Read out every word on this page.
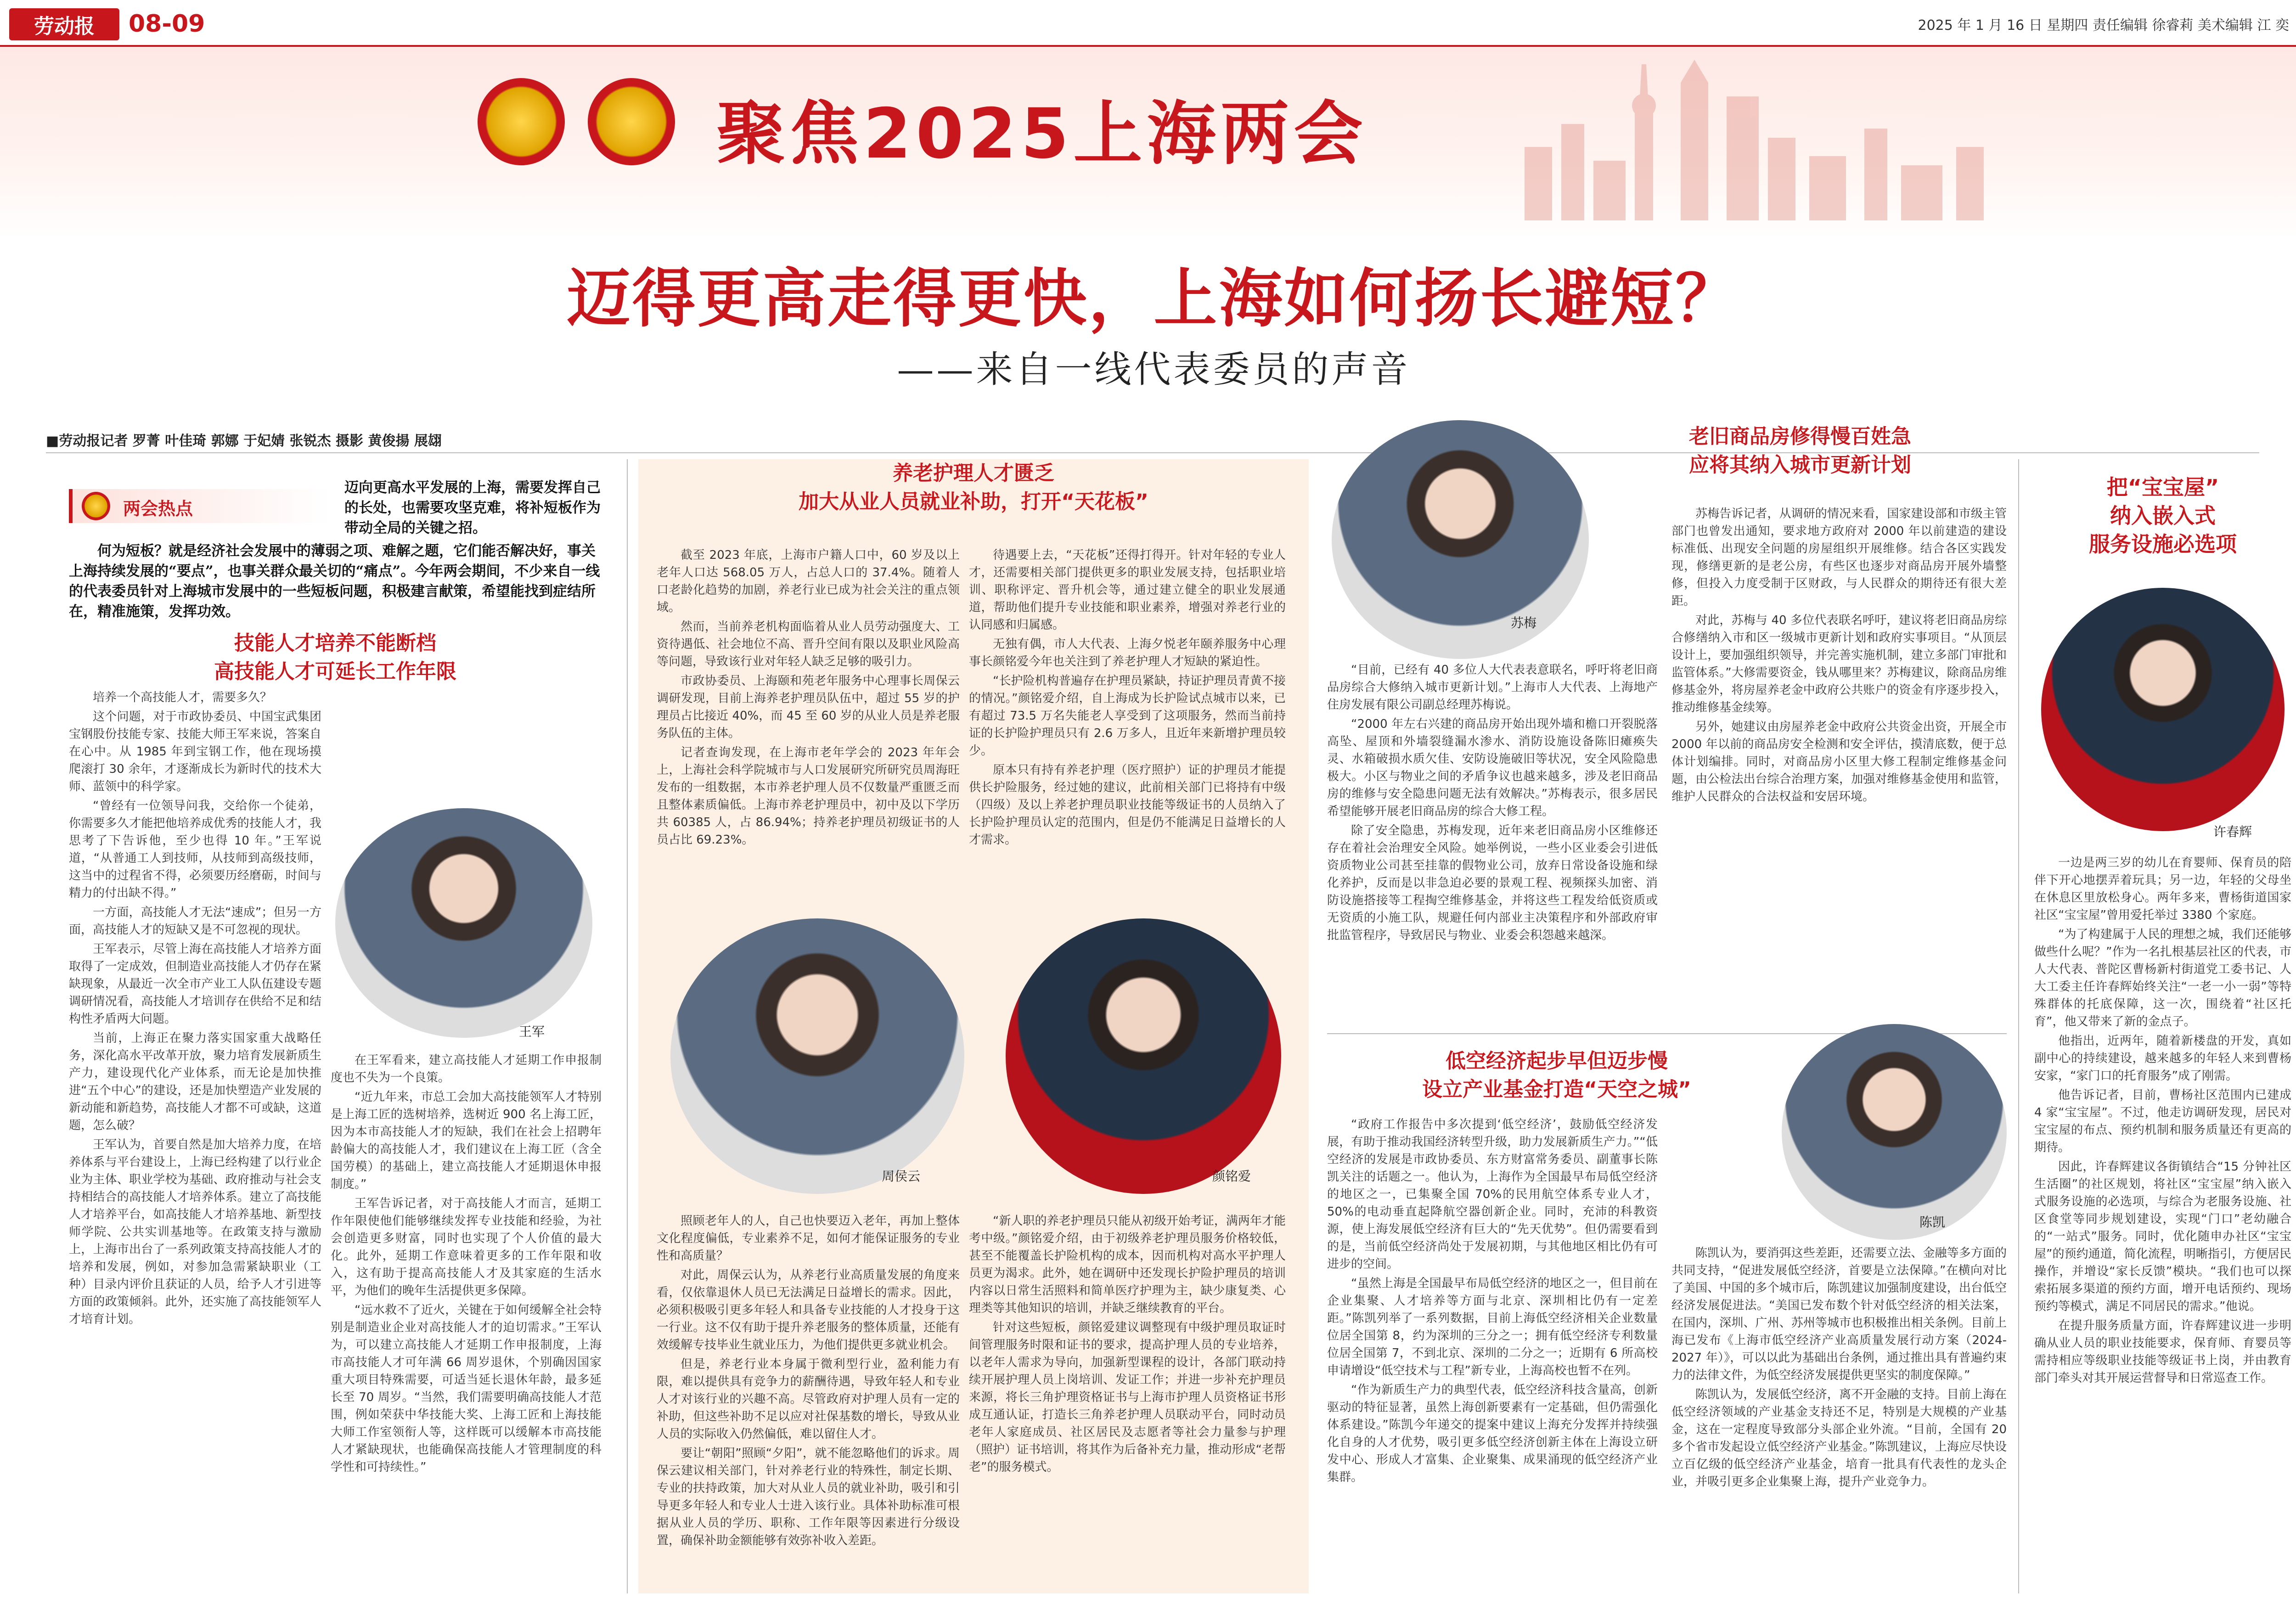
劳动报	08-09	2025 年 1 月 16 日 星期四 责任编辑 徐睿莉 美术编辑 江 奕
聚焦2025上海两会
迈得更高走得更快，上海如何扬长避短？
——来自一线代表委员的声音
■劳动报记者 罗菁 叶佳琦 郭娜 于妃婧 张锐杰 摄影 黄俊揚 展翃
两会热点

迈向更高水平发展的上海，需要发挥自己的长处，也需要攻坚克难，将补短板作为带动全局的关键之招。

何为短板？就是经济社会发展中的薄弱之项、难解之题，它们能否解决好，事关上海持续发展的“要点”，也事关群众最关切的“痛点”。今年两会期间，不少来自一线的代表委员针对上海城市发展中的一些短板问题，积极建言献策，希望能找到症结所在，精准施策，发挥功效。

技能人才培养不能断档
高技能人才可延长工作年限
王军

培养一个高技能人才，需要多久？

这个问题，对于市政协委员、中国宝武集团宝钢股份技能专家、技能大师王军来说，答案自在心中。从 1985 年到宝钢工作，他在现场摸爬滚打 30 余年，才逐渐成长为新时代的技术大师、蓝领中的科学家。

“曾经有一位领导问我，交给你一个徒弟，你需要多久才能把他培养成优秀的技能人才，我思考了下告诉他，至少也得 10 年。”王军说道，“从普通工人到技师，从技师到高级技师，这当中的过程省不得，必须要历经磨砺，时间与精力的付出缺不得。”

一方面，高技能人才无法“速成”；但另一方面，高技能人才的短缺又是不可忽视的现状。

王军表示，尽管上海在高技能人才培养方面取得了一定成效，但制造业高技能人才仍存在紧缺现象，从最近一次全市产业工人队伍建设专题调研情况看，高技能人才培训存在供给不足和结构性矛盾两大问题。

当前，上海正在聚力落实国家重大战略任务，深化高水平改革开放，聚力培育发展新质生产力，建设现代化产业体系，而无论是加快推进“五个中心”的建设，还是加快塑造产业发展的新动能和新趋势，高技能人才都不可或缺，这道题，怎么破？

王军认为，首要自然是加大培养力度，在培养体系与平台建设上，上海已经构建了以行业企业为主体、职业学校为基础、政府推动与社会支持相结合的高技能人才培养体系。建立了高技能人才培养平台，如高技能人才培养基地、新型技师学院、公共实训基地等。在政策支持与激励上，上海市出台了一系列政策支持高技能人才的培养和发展，例如，对参加急需紧缺职业（工种）目录内评价且获证的人员，给予人才引进等方面的政策倾斜。此外，还实施了高技能领军人才培育计划。

在王军看来，建立高技能人才延期工作申报制度也不失为一个良策。

“近九年来，市总工会加大高技能领军人才特别是上海工匠的选树培养，选树近 900 名上海工匠，因为本市高技能人才的短缺，我们在社会上招聘年龄偏大的高技能人才，我们建议在上海工匠（含全国劳模）的基础上，建立高技能人才延期退休申报制度。”

王军告诉记者，对于高技能人才而言，延期工作年限使他们能够继续发挥专业技能和经验，为社会创造更多财富，同时也实现了个人价值的最大化。此外，延期工作意味着更多的工作年限和收入，这有助于提高高技能人才及其家庭的生活水平，为他们的晚年生活提供更多保障。

“远水救不了近火，关键在于如何缓解全社会特别是制造业企业对高技能人才的迫切需求。”王军认为，可以建立高技能人才延期工作申报制度，上海市高技能人才可年满 66 周岁退休，个别确因国家重大项目特殊需要，可适当延长退休年龄，最多延长至 70 周岁。“当然，我们需要明确高技能人才范围，例如荣获中华技能大奖、上海工匠和上海技能大师工作室领衔人等，这样既可以缓解本市高技能人才紧缺现状，也能确保高技能人才管理制度的科学性和可持续性。”

养老护理人才匮乏
加大从业人员就业补助，打开“天花板”

截至 2023 年底，上海市户籍人口中，60 岁及以上老年人口达 568.05 万人，占总人口的 37.4%。随着人口老龄化趋势的加剧，养老行业已成为社会关注的重点领域。

然而，当前养老机构面临着从业人员劳动强度大、工资待遇低、社会地位不高、晋升空间有限以及职业风险高等问题，导致该行业对年轻人缺乏足够的吸引力。

市政协委员、上海颐和苑老年服务中心理事长周保云调研发现，目前上海养老护理员队伍中，超过 55 岁的护理员占比接近 40%，而 45 至 60 岁的从业人员是养老服务队伍的主体。

记者查询发现，在上海市老年学会的 2023 年年会上，上海社会科学院城市与人口发展研究所研究员周海旺发布的一组数据，本市养老护理人员不仅数量严重匮乏而且整体素质偏低。上海市养老护理员中，初中及以下学历共 60385 人，占 86.94%；持养老护理员初级证书的人员占比 69.23%。

待遇要上去，“天花板”还得打得开。针对年轻的专业人才，还需要相关部门提供更多的职业发展支持，包括职业培训、职称评定、晋升机会等，通过建立健全的职业发展通道，帮助他们提升专业技能和职业素养，增强对养老行业的认同感和归属感。

无独有偶，市人大代表、上海夕悦老年颐养服务中心理事长颜铭爱今年也关注到了养老护理人才短缺的紧迫性。

“长护险机构普遍存在护理员紧缺，持证护理员青黄不接的情况。”颜铭爱介绍，自上海成为长护险试点城市以来，已有超过 73.5 万名失能老人享受到了这项服务，然而当前持证的长护险护理员只有 2.6 万多人，且近年来新增护理员较少。

原本只有持有养老护理（医疗照护）证的护理员才能提供长护险服务，经过她的建议，此前相关部门已将持有中级（四级）及以上养老护理员职业技能等级证书的人员纳入了长护险护理员认定的范围内，但是仍不能满足日益增长的人才需求。

周侯云	颜铭爱

照顾老年人的人，自己也快要迈入老年，再加上整体文化程度偏低，专业素养不足，如何才能保证服务的专业性和高质量？

对此，周保云认为，从养老行业高质量发展的角度来看，仅依靠退休人员已无法满足日益增长的需求。因此，必须积极吸引更多年轻人和具备专业技能的人才投身于这一行业。这不仅有助于提升养老服务的整体质量，还能有效缓解专技毕业生就业压力，为他们提供更多就业机会。

但是，养老行业本身属于微利型行业，盈利能力有限，难以提供具有竞争力的薪酬待遇，导致年轻人和专业人才对该行业的兴趣不高。尽管政府对护理人员有一定的补助，但这些补助不足以应对社保基数的增长，导致从业人员的实际收入仍然偏低，难以留住人才。

要让“朝阳”照顾“夕阳”，就不能忽略他们的诉求。周保云建议相关部门，针对养老行业的特殊性，制定长期、专业的扶持政策，加大对从业人员的就业补助，吸引和引导更多年轻人和专业人士进入该行业。具体补助标准可根据从业人员的学历、职称、工作年限等因素进行分级设置，确保补助金额能够有效弥补收入差距。

“新人职的养老护理员只能从初级开始考证，满两年才能考中级。”颜铭爱介绍，由于初级养老护理员服务价格较低，甚至不能覆盖长护险机构的成本，因而机构对高水平护理人员更为渴求。此外，她在调研中还发现长护险护理员的培训内容以日常生活照料和简单医疗护理为主，缺少康复类、心理类等其他知识的培训，并缺乏继续教育的平台。

针对这些短板，颜铭爱建议调整现有中级护理员取证时间管理服务时限和证书的要求，提高护理人员的专业培养，以老年人需求为导向，加强新型课程的设计，各部门联动持续开展护理人员上岗培训、发证工作；并进一步补充护理员来源，将长三角护理资格证书与上海市护理人员资格证书形成互通认证，打造长三角养老护理人员联动平台，同时动员老年人家庭成员、社区居民及志愿者等社会力量参与护理（照护）证书培训，将其作为后备补充力量，推动形成“老帮老”的服务模式。

苏梅
老旧商品房修得慢百姓急
应将其纳入城市更新计划

“目前，已经有 40 多位人大代表表意联名，呼吁将老旧商品房综合大修纳入城市更新计划。”上海市人大代表、上海地产住房发展有限公司副总经理苏梅说。

“2000 年左右兴建的商品房开始出现外墙和檐口开裂脱落高坠、屋顶和外墙裂缝漏水渗水、消防设施设备陈旧瘫痪失灵、水箱破损水质欠佳、安防设施破旧等状况，安全风险隐患极大。小区与物业之间的矛盾争议也越来越多，涉及老旧商品房的维修与安全隐患问题无法有效解决。”苏梅表示，很多居民希望能够开展老旧商品房的综合大修工程。

除了安全隐患，苏梅发现，近年来老旧商品房小区维修还存在着社会治理安全风险。她举例说，一些小区业委会引进低资质物业公司甚至挂靠的假物业公司，放弃日常设备设施和绿化养护，反而是以非急迫必要的景观工程、视频探头加密、消防设施搭接等工程掏空维修基金，并将这些工程发给低资质或无资质的小施工队，规避任何内部业主决策程序和外部政府审批监管程序，导致居民与物业、业委会积怨越来越深。

苏梅告诉记者，从调研的情况来看，国家建设部和市级主管部门也曾发出通知，要求地方政府对 2000 年以前建造的建设标准低、出现安全问题的房屋组织开展维修。结合各区实践发现，修缮更新的是老公房，有些区也逐步对商品房开展外墙整修，但投入力度受制于区财政，与人民群众的期待还有很大差距。

对此，苏梅与 40 多位代表联名呼吁，建议将老旧商品房综合修缮纳入市和区一级城市更新计划和政府实事项目。“从顶层设计上，要加强组织领导，并完善实施机制，建立多部门审批和监管体系。”大修需要资金，钱从哪里来？苏梅建议，除商品房维修基金外，将房屋养老金中政府公共账户的资金有序逐步投入，推动维修基金续筹。

另外，她建议由房屋养老金中政府公共资金出资，开展全市 2000 年以前的商品房安全检测和安全评估，摸清底数，便于总体计划编排。同时，对商品房小区里大修工程制定维修基金问题，由公检法出台综合治理方案，加强对维修基金使用和监管，维护人民群众的合法权益和安居环境。

低空经济起步早但迈步慢
设立产业基金打造“天空之城”
陈凯

“政府工作报告中多次提到‘低空经济’，鼓励低空经济发展，有助于推动我国经济转型升级，助力发展新质生产力。”“低空经济的发展是市政协委员、东方财富常务委员、副董事长陈凯关注的话题之一。他认为，上海作为全国最早布局低空经济的地区之一，已集聚全国 70%的民用航空体系专业人才，50%的电动垂直起降航空器创新企业。同时，充沛的科教资源，使上海发展低空经济有巨大的“先天优势”。但仍需要看到的是，当前低空经济尚处于发展初期，与其他地区相比仍有可进步的空间。

“虽然上海是全国最早布局低空经济的地区之一，但目前在企业集聚、人才培养等方面与北京、深圳相比仍有一定差距。”陈凯列举了一系列数据，目前上海低空经济相关企业数量位居全国第 8，约为深圳的三分之一；拥有低空经济专利数量位居全国第 7，不到北京、深圳的二分之一；近期有 6 所高校申请增设“低空技术与工程”新专业，上海高校也暂不在列。

“作为新质生产力的典型代表，低空经济科技含量高，创新驱动的特征显著，虽然上海创新要素有一定基础，但仍需强化体系建设。”陈凯今年递交的提案中建议上海充分发挥并持续强化自身的人才优势，吸引更多低空经济创新主体在上海设立研发中心、形成人才富集、企业聚集、成果涌现的低空经济产业集群。

陈凯认为，要消弭这些差距，还需要立法、金融等多方面的共同支持，“促进发展低空经济，首要是立法保障。”在横向对比了美国、中国的多个城市后，陈凯建议加强制度建设，出台低空经济发展促进法。“美国已发布数个针对低空经济的相关法案，在国内，深圳、广州、苏州等城市也积极推出相关条例。目前上海已发布《上海市低空经济产业高质量发展行动方案（2024-2027 年）》，可以以此为基础出台条例，通过推出具有普遍约束力的法律文件，为低空经济发展提供更坚实的制度保障。”

陈凯认为，发展低空经济，离不开金融的支持。目前上海在低空经济领域的产业基金支持还不足，特别是大规模的产业基金，这在一定程度导致部分头部企业外流。“目前，全国有 20 多个省市发起设立低空经济产业基金。”陈凯建议，上海应尽快设立百亿级的低空经济产业基金，培育一批具有代表性的龙头企业，并吸引更多企业集聚上海，提升产业竞争力。

把“宝宝屋”
纳入嵌入式
服务设施必选项
许春辉

一边是两三岁的幼儿在育婴师、保育员的陪伴下开心地摆弄着玩具；另一边，年轻的父母坐在休息区里放松身心。两年多来，曹杨街道国家社区“宝宝屋”曾用爱托举过 3380 个家庭。

“为了构建属于人民的理想之城，我们还能够做些什么呢？”作为一名扎根基层社区的代表，市人大代表、普陀区曹杨新村街道党工委书记、人大工委主任许春辉始终关注“一老一小一弱”等特殊群体的托底保障，这一次，围绕着“社区托育”，他又带来了新的金点子。

他指出，近两年，随着新楼盘的开发，真如副中心的持续建设，越来越多的年轻人来到曹杨安家，“家门口的托育服务”成了刚需。

他告诉记者，目前，曹杨社区范围内已建成 4 家“宝宝屋”。不过，他走访调研发现，居民对宝宝屋的布点、预约机制和服务质量还有更高的期待。

因此，许春辉建议各街镇结合“15 分钟社区生活圈”的社区规划，将社区“宝宝屋”纳入嵌入式服务设施的必选项，与综合为老服务设施、社区食堂等同步规划建设，实现“门口”老幼融合的“一站式”服务。同时，优化随申办社区“宝宝屋”的预约通道，简化流程，明晰指引，方便居民操作，并增设“家长反馈”模块。“我们也可以探索拓展多渠道的预约方面，增开电话预约、现场预约等模式，满足不同居民的需求。”他说。

在提升服务质量方面，许春辉建议进一步明确从业人员的职业技能要求，保育师、育婴员等需持相应等级职业技能等级证书上岗，并由教育部门牵头对其开展运营督导和日常巡查工作。
